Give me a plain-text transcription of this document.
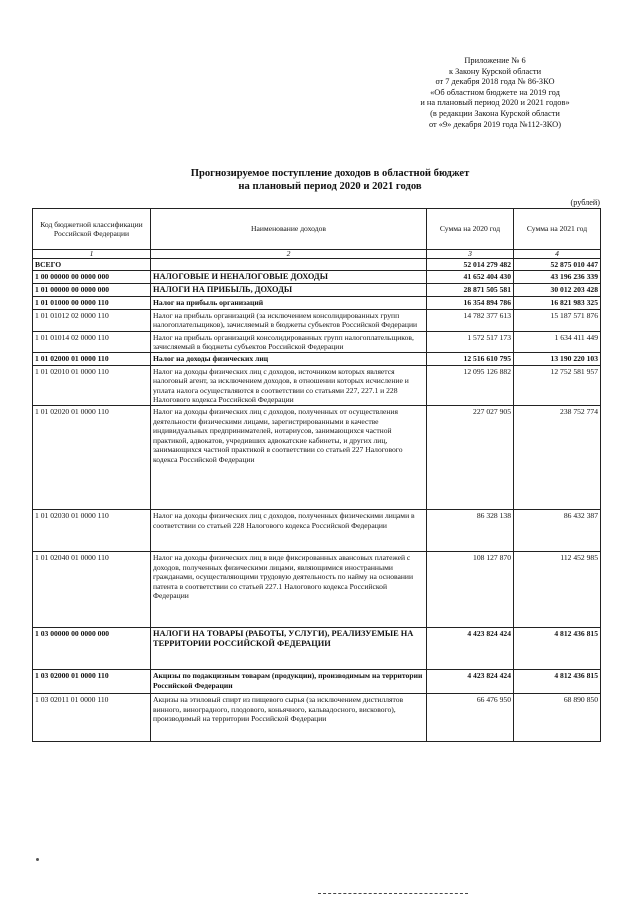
Приложение № 6
к Закону Курской области
от 7 декабря 2018 года № 86-ЗКО
«Об областном бюджете на 2019 год
и на плановый период 2020 и 2021 годов»
(в редакции Закона Курской области
от «9» декабря 2019 года №112-ЗКО)
Прогнозируемое поступление доходов в областной бюджет
на плановый период 2020 и 2021 годов
(рублей)
Код бюджетной классификации Российской Федерации	Наименование доходов	Сумма на 2020 год	Сумма на 2021 год
1	2	3	4
ВСЕГО		52 014 279 482	52 875 010 447
1 00 00000 00 0000 000	НАЛОГОВЫЕ И НЕНАЛОГОВЫЕ ДОХОДЫ	41 652 404 430	43 196 236 339
1 01 00000 00 0000 000	НАЛОГИ НА ПРИБЫЛЬ, ДОХОДЫ	28 871 505 581	30 012 203 428
1 01 01000 00 0000 110	Налог на прибыль организаций	16 354 894 786	16 821 983 325
1 01 01012 02 0000 110	Налог на прибыль организаций (за исключением консолидированных групп налогоплательщиков), зачисляемый в бюджеты субъектов Российской Федерации	14 782 377 613	15 187 571 876
1 01 01014 02 0000 110	Налог на прибыль организаций консолидированных групп налогоплательщиков, зачисляемый в бюджеты субъектов Российской Федерации	1 572 517 173	1 634 411 449
1 01 02000 01 0000 110	Налог на доходы физических лиц	12 516 610 795	13 190 220 103
1 01 02010 01 0000 110	Налог на доходы физических лиц с доходов, источником которых является налоговый агент, за исключением доходов, в отношении которых исчисление и уплата налога осуществляются в соответствии со статьями 227, 227.1 и 228 Налогового кодекса Российской Федерации	12 095 126 882	12 752 581 957
1 01 02020 01 0000 110	Налог на доходы физических лиц с доходов, полученных от осуществления деятельности физическими лицами, зарегистрированными в качестве индивидуальных предпринимателей, нотариусов, занимающихся частной практикой, адвокатов, учредивших адвокатские кабинеты, и других лиц, занимающихся частной практикой в соответствии со статьей 227 Налогового кодекса Российской Федерации	227 027 905	238 752 774
1 01 02030 01 0000 110	Налог на доходы физических лиц с доходов, полученных физическими лицами в соответствии со статьей 228 Налогового кодекса Российской Федерации	86 328 138	86 432 387
1 01 02040 01 0000 110	Налог на доходы физических лиц в виде фиксированных авансовых платежей с доходов, полученных физическими лицами, являющимися иностранными гражданами, осуществляющими трудовую деятельность по найму на основании патента в соответствии со статьей 227.1 Налогового кодекса Российской Федерации	108 127 870	112 452 985
1 03 00000 00 0000 000	НАЛОГИ НА ТОВАРЫ (РАБОТЫ, УСЛУГИ), РЕАЛИЗУЕМЫЕ НА ТЕРРИТОРИИ РОССИЙСКОЙ ФЕДЕРАЦИИ	4 423 824 424	4 812 436 815
1 03 02000 01 0000 110	Акцизы по подакцизным товарам (продукции), производимым на территории Российской Федерации	4 423 824 424	4 812 436 815
1 03 02011 01 0000 110	Акцизы на этиловый спирт из пищевого сырья (за исключением дистиллятов винного, виноградного, плодового, коньячного, кальвадосного, вискового), производимый на территории Российской Федерации	66 476 950	68 890 850
